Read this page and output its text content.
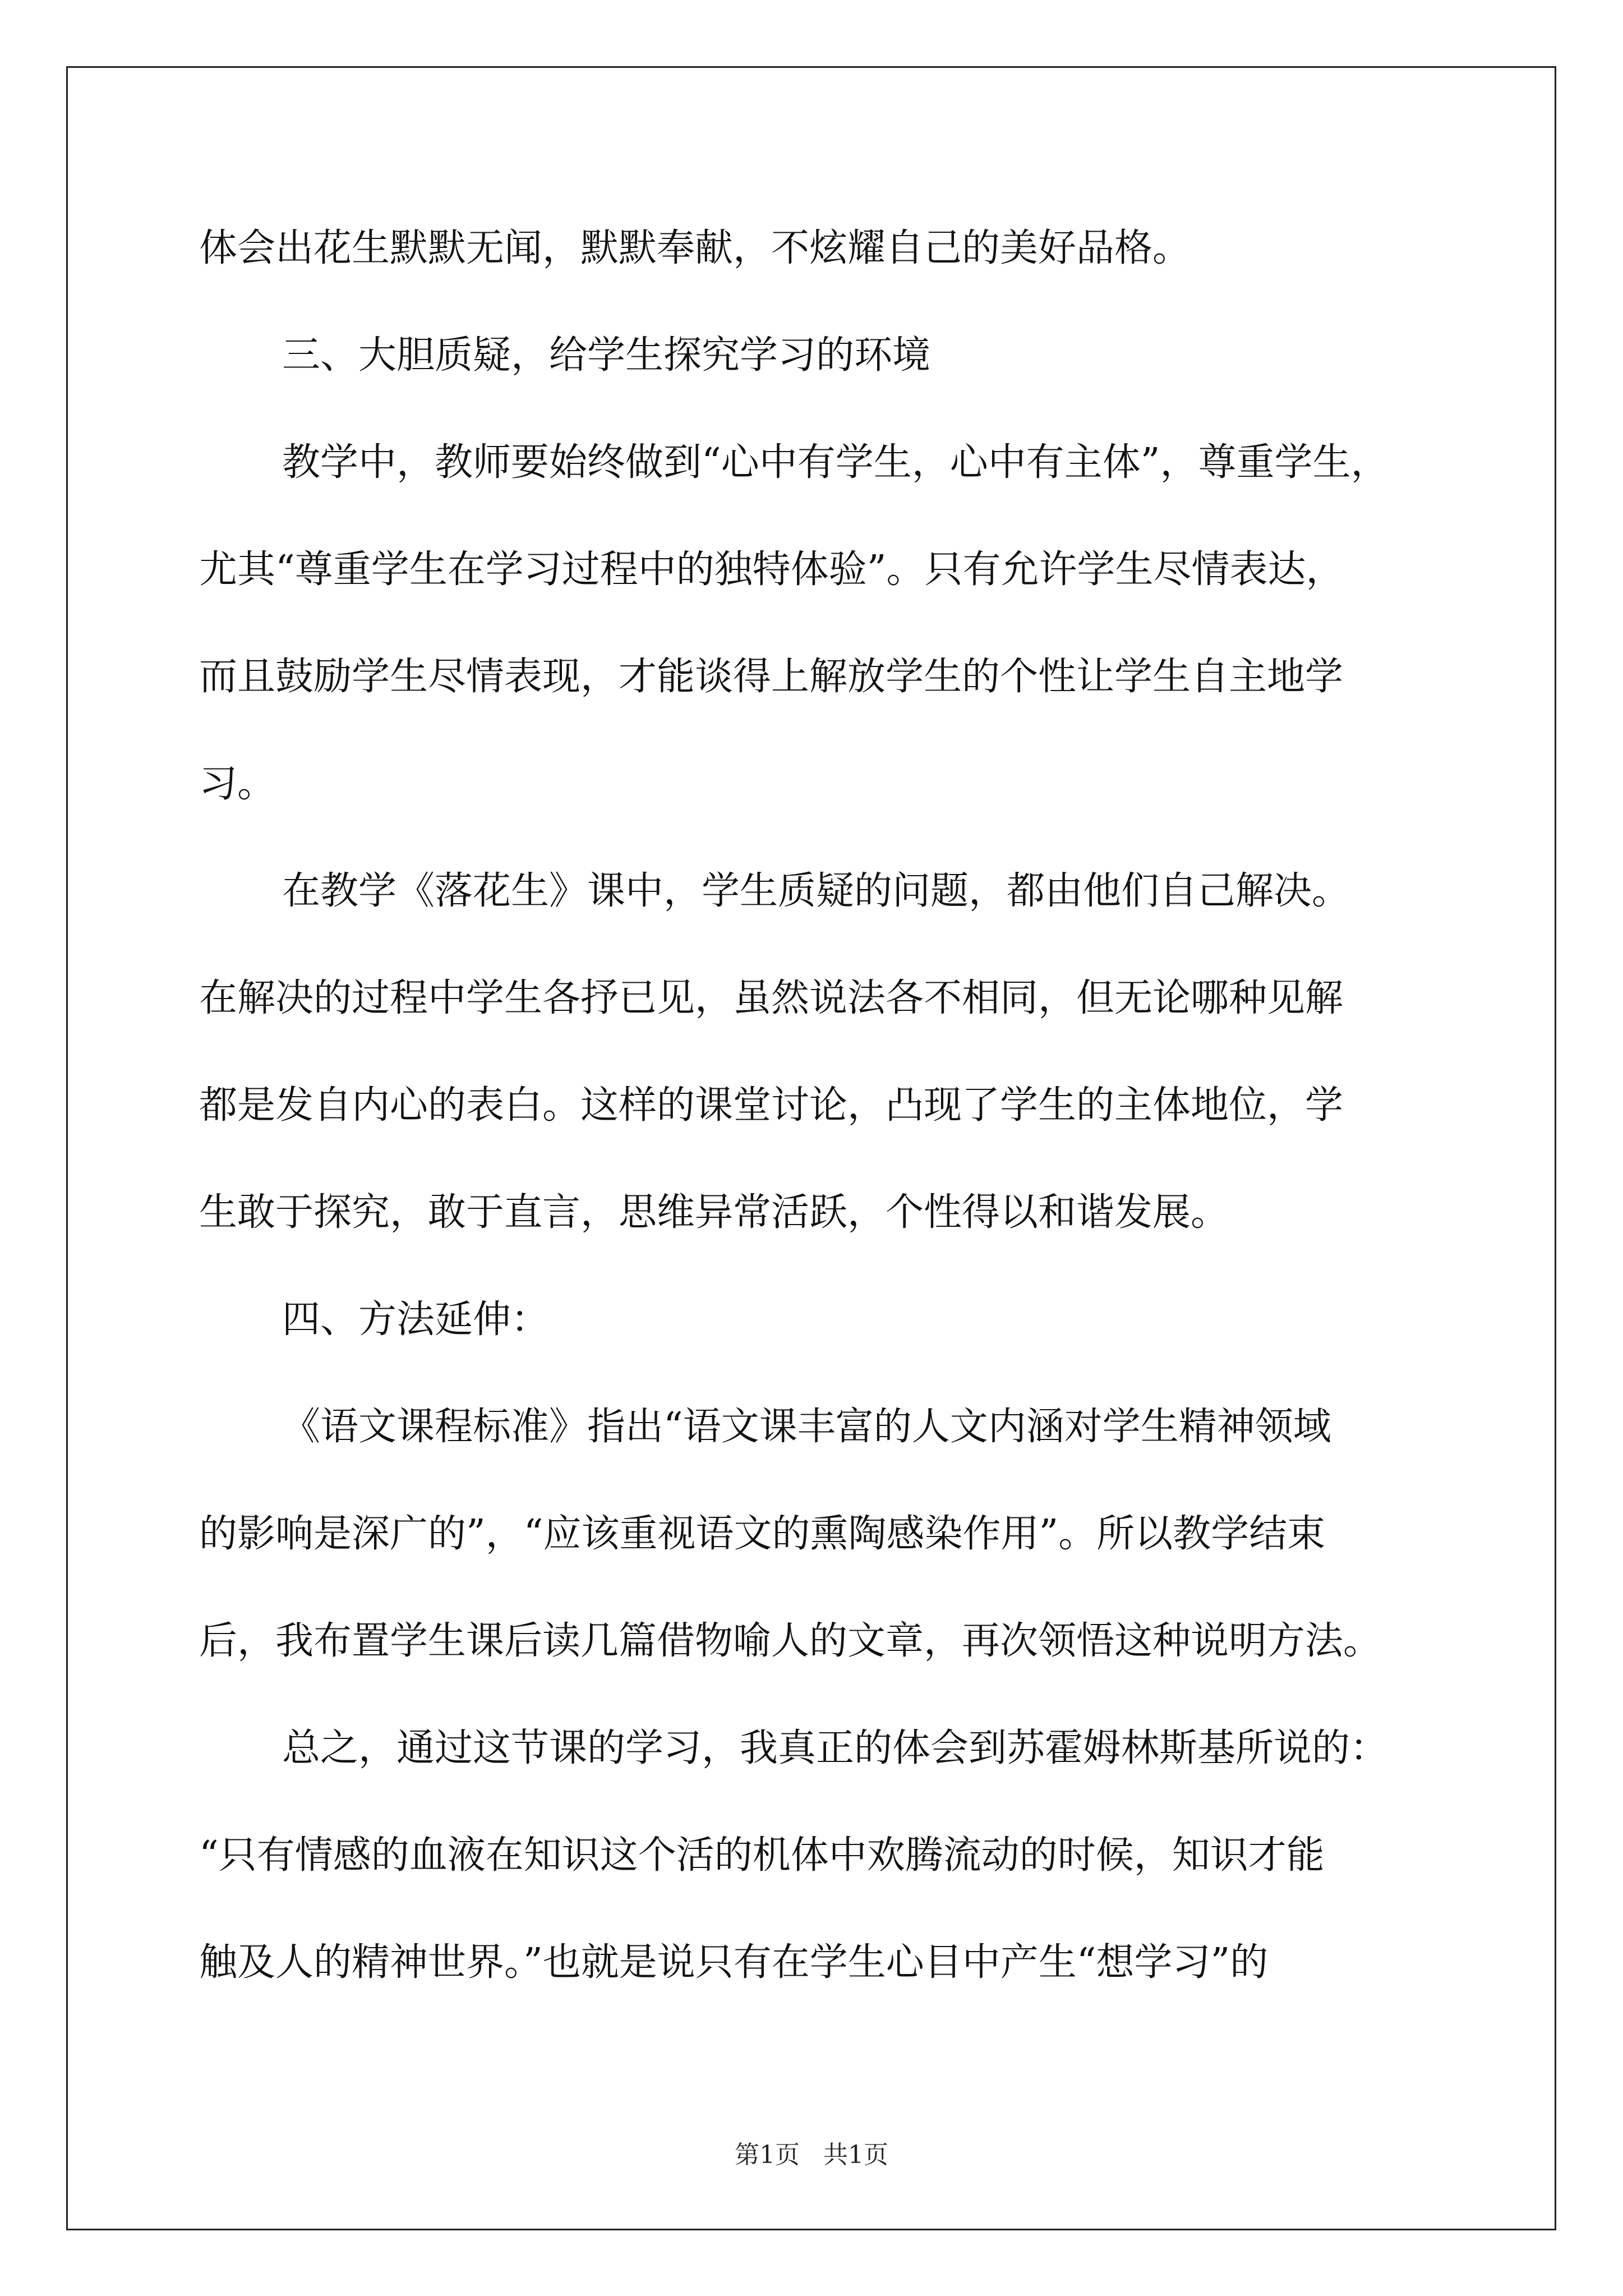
体会出花生默默无闻，默默奉献，不炫耀自己的美好品格。
三、大胆质疑，给学生探究学习的环境
教学中，教师要始终做到“心中有学生，心中有主体”，尊重学生，
尤其“尊重学生在学习过程中的独特体验”。只有允许学生尽情表达，
而且鼓励学生尽情表现，才能谈得上解放学生的个性让学生自主地学
习。
在教学《落花生》课中，学生质疑的问题，都由他们自己解决。
在解决的过程中学生各抒已见，虽然说法各不相同，但无论哪种见解
都是发自内心的表白。这样的课堂讨论，凸现了学生的主体地位，学
生敢于探究，敢于直言，思维异常活跃，个性得以和谐发展。
四、方法延伸：
《语文课程标准》指出“语文课丰富的人文内涵对学生精神领域
的影响是深广的”，“应该重视语文的熏陶感染作用”。所以教学结束
后，我布置学生课后读几篇借物喻人的文章，再次领悟这种说明方法。
总之，通过这节课的学习，我真正的体会到苏霍姆林斯基所说的：
“只有情感的血液在知识这个活的机体中欢腾流动的时候，知识才能
触及人的精神世界。”也就是说只有在学生心目中产生“想学习”的
第1页   共1页
